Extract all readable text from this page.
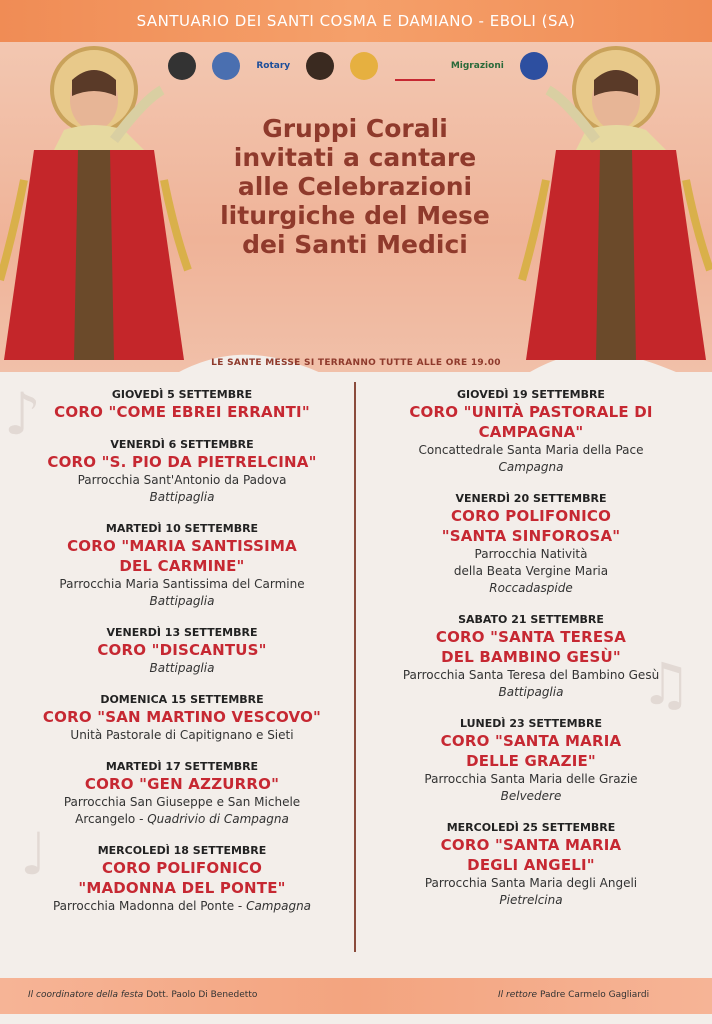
SANTUARIO DEI SANTI COSMA E DAMIANO - EBOLI (SA)
Rotary	Migrazioni
Gruppi Corali
invitati a cantare
alle Celebrazioni
liturgiche del Mese
dei Santi Medici
LE SANTE MESSE SI TERRANNO TUTTE ALLE ORE 19.00
♪
♫
♩
GIOVEDÌ 5 SETTEMBRE
CORO "COME EBREI ERRANTI"
VENERDÌ 6 SETTEMBRE
CORO "S. PIO DA PIETRELCINA"
Parrocchia Sant'Antonio da Padova
Battipaglia
MARTEDÌ 10 SETTEMBRE
CORO "MARIA SANTISSIMA
DEL CARMINE"
Parrocchia Maria Santissima del Carmine
Battipaglia
VENERDÌ 13 SETTEMBRE
CORO "DISCANTUS"
Battipaglia
DOMENICA 15 SETTEMBRE
CORO "SAN MARTINO VESCOVO"
Unità Pastorale di Capitignano e Sieti
MARTEDÌ 17 SETTEMBRE
CORO "GEN AZZURRO"
Parrocchia San Giuseppe e San Michele
Arcangelo - Quadrivio di Campagna
MERCOLEDÌ 18 SETTEMBRE
CORO POLIFONICO
"MADONNA DEL PONTE"
Parrocchia Madonna del Ponte - Campagna
GIOVEDÌ 19 SETTEMBRE
CORO "UNITÀ PASTORALE DI
CAMPAGNA"
Concattedrale Santa Maria della Pace
Campagna
VENERDÌ 20 SETTEMBRE
CORO POLIFONICO
"SANTA SINFOROSA"
Parrocchia Natività
della Beata Vergine Maria
Roccadaspide
SABATO 21 SETTEMBRE
CORO "SANTA TERESA
DEL BAMBINO GESÙ"
Parrocchia Santa Teresa del Bambino Gesù
Battipaglia
LUNEDÌ 23 SETTEMBRE
CORO "SANTA MARIA
DELLE GRAZIE"
Parrocchia Santa Maria delle Grazie
Belvedere
MERCOLEDÌ 25 SETTEMBRE
CORO "SANTA MARIA
DEGLI ANGELI"
Parrocchia Santa Maria degli Angeli
Pietrelcina
Il coordinatore della festa Dott. Paolo Di Benedetto	Il rettore Padre Carmelo Gagliardi
